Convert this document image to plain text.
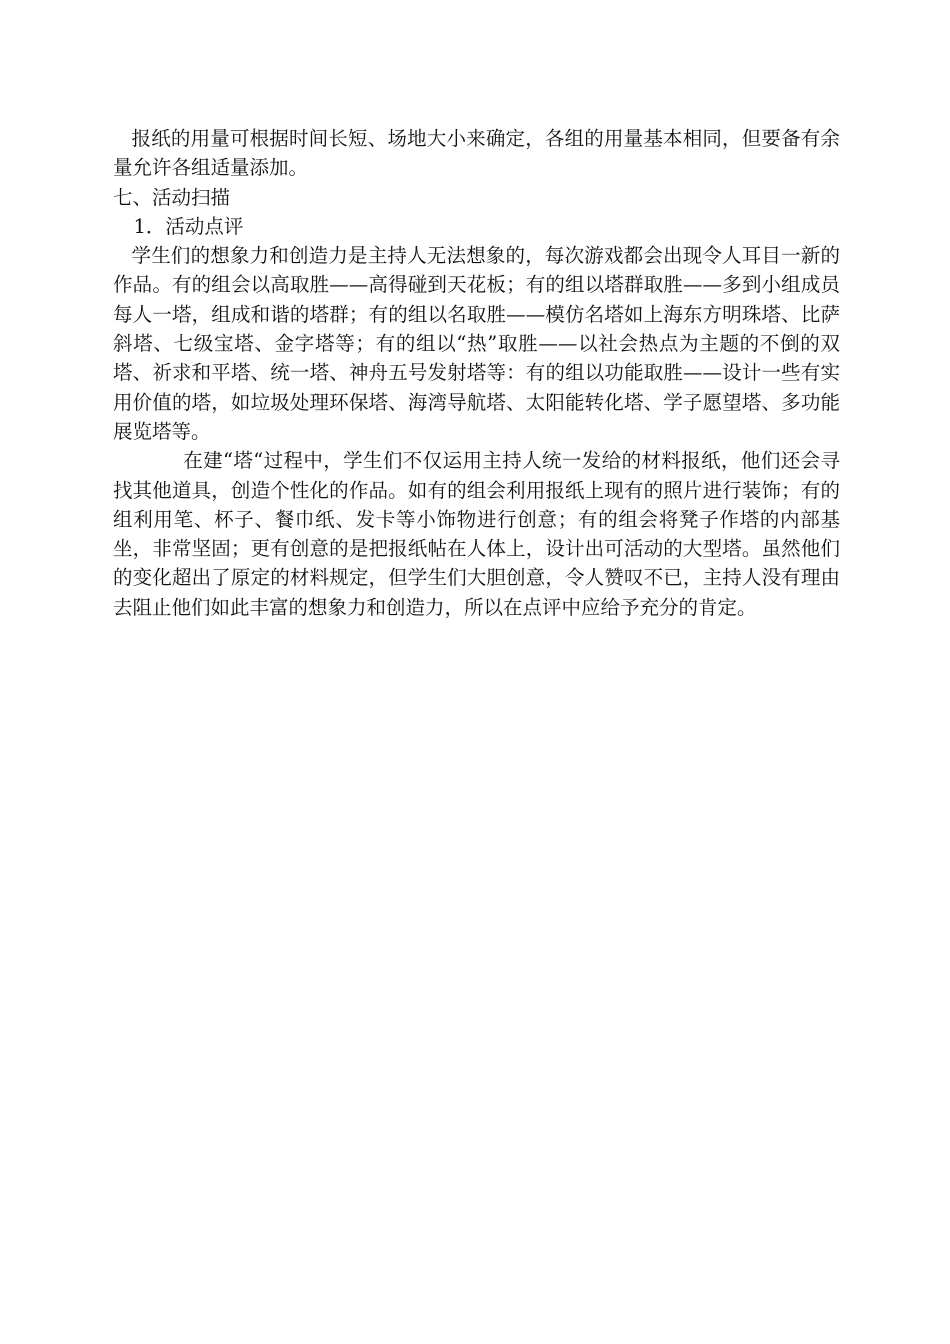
报纸的用量可根据时间长短、场地大小来确定，各组的用量基本相同，但要备有余量允许各组适量添加。

七、活动扫描

1．活动点评

学生们的想象力和创造力是主持人无法想象的，每次游戏都会出现令人耳目一新的作品。有的组会以高取胜——高得碰到天花板；有的组以塔群取胜——多到小组成员每人一塔，组成和谐的塔群；有的组以名取胜——模仿名塔如上海东方明珠塔、比萨斜塔、七级宝塔、金字塔等；有的组以“热”取胜——以社会热点为主题的不倒的双塔、祈求和平塔、统一塔、神舟五号发射塔等：有的组以功能取胜——设计一些有实用价值的塔，如垃圾处理环保塔、海湾导航塔、太阳能转化塔、学子愿望塔、多功能展览塔等。

在建“塔“过程中，学生们不仅运用主持人统一发给的材料报纸，他们还会寻找其他道具，创造个性化的作品。如有的组会利用报纸上现有的照片进行装饰；有的组利用笔、杯子、餐巾纸、发卡等小饰物进行创意；有的组会将凳子作塔的内部基坐，非常坚固；更有创意的是把报纸帖在人体上，设计出可活动的大型塔。虽然他们的变化超出了原定的材料规定，但学生们大胆创意，令人赞叹不已，主持人没有理由去阻止他们如此丰富的想象力和创造力，所以在点评中应给予充分的肯定。
